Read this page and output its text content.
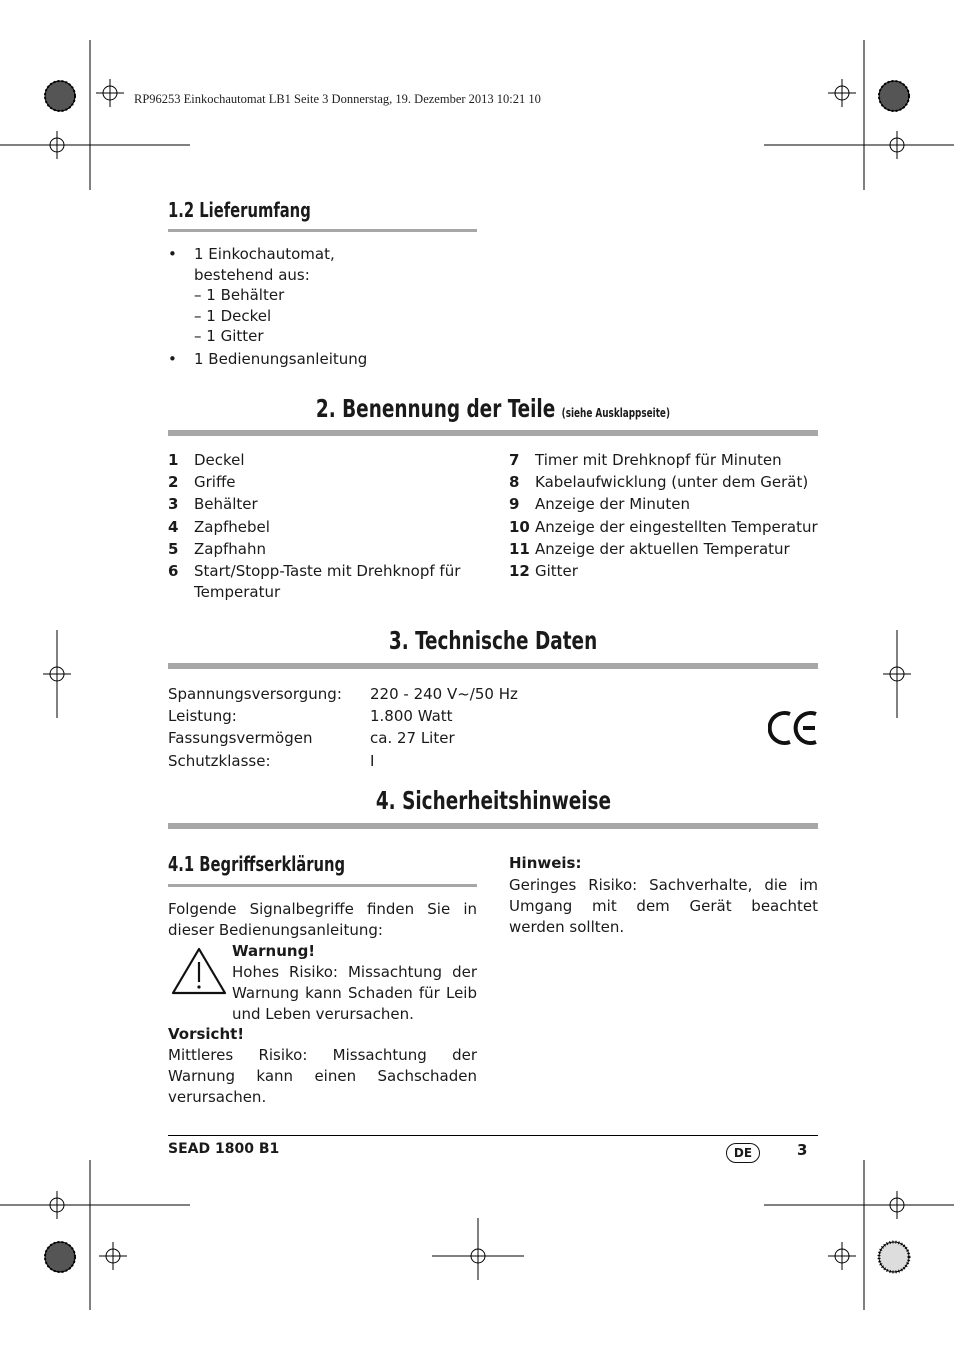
RP96253 Einkochautomat LB1 Seite 3 Donnerstag, 19. Dezember 2013 10:21 10
1.2 Lieferumfang
•	1 Einkochautomat,
bestehend aus:
– 1 Behälter
– 1 Deckel
– 1 Gitter
•	1 Bedienungsanleitung
2. Benennung der Teile (siehe Ausklappseite)
1	Deckel
2	Griffe
3	Behälter
4	Zapfhebel
5	Zapfhahn
6	Start/Stopp-Taste mit Drehknopf für
Temperatur
7	Timer mit Drehknopf für Minuten
8	Kabelaufwicklung (unter dem Gerät)
9	Anzeige der Minuten
10 Anzeige der eingestellten Temperatur
11 Anzeige der aktuellen Temperatur
12 Gitter
3. Technische Daten
Spannungsversorgung:	220 - 240 V~/50 Hz
Leistung:	1.800 Watt
Fassungsvermögen	ca. 27 Liter
Schutzklasse:	I
4. Sicherheitshinweise
4.1 Begriffserklärung
Folgende Signalbegriffe finden Sie in dieser Bedienungsanleitung:
Warnung!
Hohes Risiko: Missachtung der Warnung kann Schaden für Leib und Leben verursachen.
Vorsicht!
Mittleres Risiko: Missachtung der Warnung kann einen Sachschaden verursachen.
Hinweis:
Geringes Risiko: Sachverhalte, die im Umgang mit dem Gerät beachtet werden sollten.
SEAD 1800 B1	DE	3
